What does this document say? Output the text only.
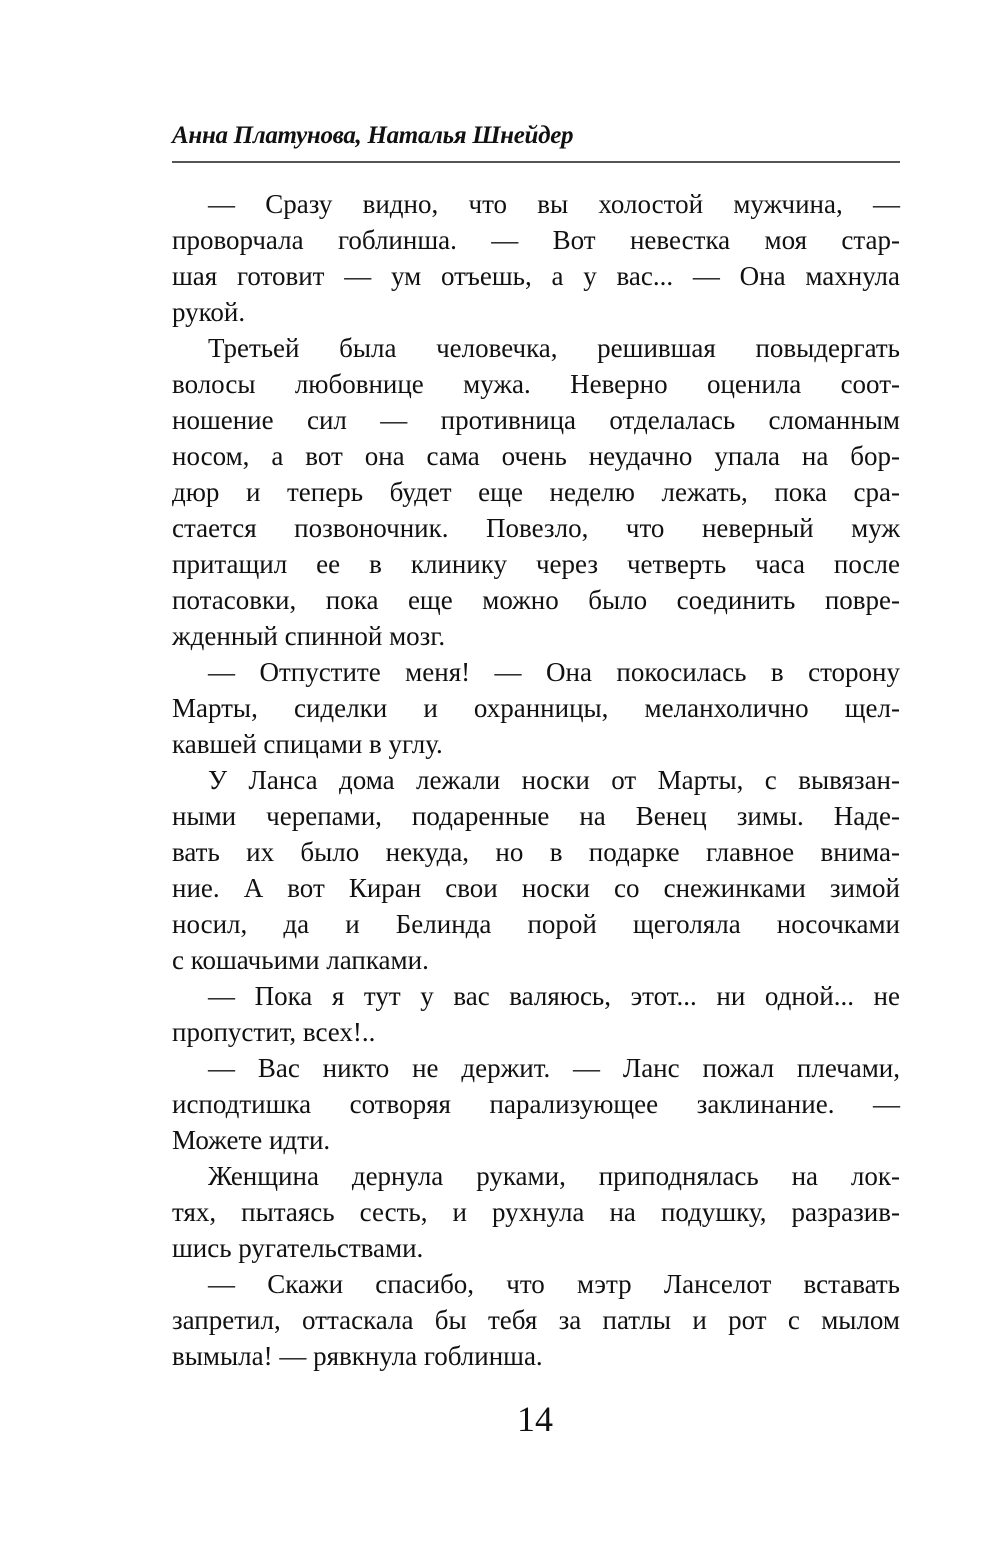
Анна Платунова, Наталья Шнейдер
— Сразу видно, что вы холостой мужчина, —
проворчала гоблинша. — Вот невестка моя стар-
шая готовит — ум отъешь, а у вас... — Она махнула
рукой.
Третьей была человечка, решившая повыдергать
волосы любовнице мужа. Неверно оценила соот-
ношение сил — противница отделалась сломанным
носом, а вот она сама очень неудачно упала на бор-
дюр и теперь будет еще неделю лежать, пока сра-
стается позвоночник. Повезло, что неверный муж
притащил ее в клинику через четверть часа после
потасовки, пока еще можно было соединить повре-
жденный спинной мозг.
— Отпустите меня! — Она покосилась в сторону
Марты, сиделки и охранницы, меланхолично щел-
кавшей спицами в углу.
У Ланса дома лежали носки от Марты, с вывязан-
ными черепами, подаренные на Венец зимы. Наде-
вать их было некуда, но в подарке главное внима-
ние. А вот Киран свои носки со снежинками зимой
носил, да и Белинда порой щеголяла носочками
с кошачьими лапками.
— Пока я тут у вас валяюсь, этот... ни одной... не
пропустит, всех!..
— Вас никто не держит. — Ланс пожал плечами,
исподтишка сотворяя парализующее заклинание. —
Можете идти.
Женщина дернула руками, приподнялась на лок-
тях, пытаясь сесть, и рухнула на подушку, разразив-
шись ругательствами.
— Скажи спасибо, что мэтр Ланселот вставать
запретил, оттаскала бы тебя за патлы и рот с мылом
вымыла! — рявкнула гоблинша.
14
